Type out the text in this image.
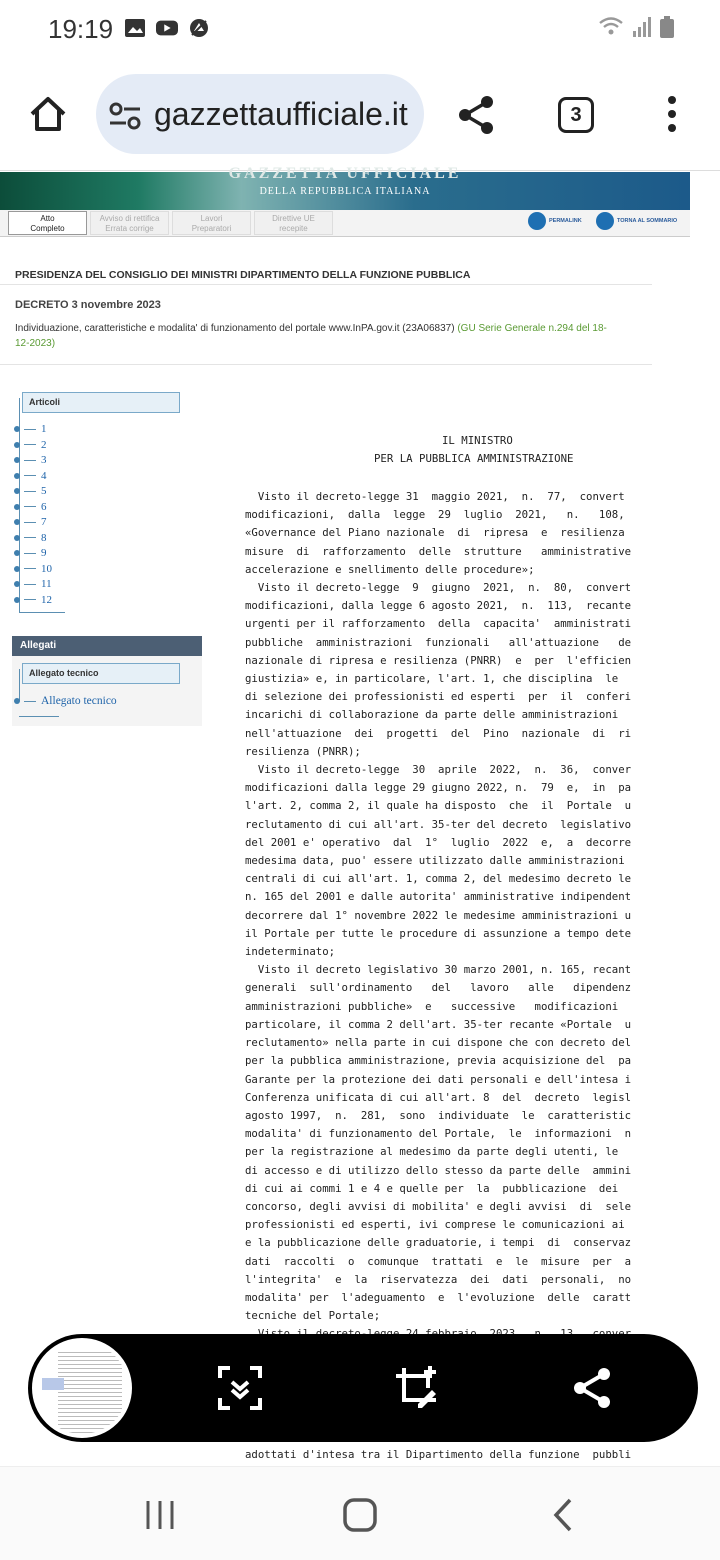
19:19
gazzettaufficiale.it	3
GAZZETTA UFFICIALE
DELLA REPUBBLICA ITALIANA
Atto
Completo
Avviso di rettifica
Errata corrige
Lavori
Preparatori
Direttive UE
recepite
PERMALINK	TORNA AL SOMMARIO
PRESIDENZA DEL CONSIGLIO DEI MINISTRI DIPARTIMENTO DELLA FUNZIONE PUBBLICA
DECRETO 3 novembre 2023
Individuazione, caratteristiche e modalita' di funzionamento del portale www.InPA.gov.it (23A06837) (GU Serie Generale n.294 del 18-12-2023)
Articoli
1
2
3
4
5
6
7
8
9
10
11
12
Allegati
Allegato tecnico
Allegato tecnico
IL MINISTRO
PER LA PUBBLICA AMMINISTRAZIONE
Visto il decreto-legge 31  maggio 2021,  n.  77,  convert
modificazioni,  dalla  legge  29  luglio  2021,   n.   108,
«Governance del Piano nazionale  di  ripresa  e  resilienza
misure  di  rafforzamento  delle  strutture   amministrative
accelerazione e snellimento delle procedure»;
Visto il decreto-legge  9  giugno  2021,  n.  80,  convert
modificazioni, dalla legge 6 agosto 2021,  n.  113,  recante
urgenti per il rafforzamento  della  capacita'  amministrati
pubbliche  amministrazioni  funzionali   all'attuazione   de
nazionale di ripresa e resilienza (PNRR)  e  per  l'efficien
giustizia» e, in particolare, l'art. 1, che disciplina  le
di selezione dei professionisti ed esperti  per  il  conferi
incarichi di collaborazione da parte delle amministrazioni
nell'attuazione  dei  progetti  del  Pino  nazionale  di  ri
resilienza (PNRR);
Visto il decreto-legge  30  aprile  2022,  n.  36,  conver
modificazioni dalla legge 29 giugno 2022, n.  79  e,  in  pa
l'art. 2, comma 2, il quale ha disposto  che  il  Portale  u
reclutamento di cui all'art. 35-ter del decreto  legislativo
del 2001 e' operativo  dal  1°  luglio  2022  e,  a  decorre
medesima data, puo' essere utilizzato dalle amministrazioni
centrali di cui all'art. 1, comma 2, del medesimo decreto le
n. 165 del 2001 e dalle autorita' amministrative indipendent
decorrere dal 1° novembre 2022 le medesime amministrazioni u
il Portale per tutte le procedure di assunzione a tempo dete
indeterminato;
Visto il decreto legislativo 30 marzo 2001, n. 165, recant
generali  sull'ordinamento   del   lavoro   alle   dipendenz
amministrazioni pubbliche»  e   successive   modificazioni
particolare, il comma 2 dell'art. 35-ter recante «Portale  u
reclutamento» nella parte in cui dispone che con decreto del
per la pubblica amministrazione, previa acquisizione del  pa
Garante per la protezione dei dati personali e dell'intesa i
Conferenza unificata di cui all'art. 8  del  decreto  legisl
agosto 1997,  n.  281,  sono  individuate  le  caratteristic
modalita' di funzionamento del Portale,  le  informazioni  n
per la registrazione al medesimo da parte degli utenti, le
di accesso e di utilizzo dello stesso da parte delle  ammini
di cui ai commi 1 e 4 e quelle per  la  pubblicazione  dei
concorso, degli avvisi di mobilita' e degli avvisi  di  sele
professionisti ed esperti, ivi comprese le comunicazioni ai
e la pubblicazione delle graduatorie, i tempi  di  conservaz
dati  raccolti  o  comunque  trattati  e  le  misure  per  a
l'integrita'  e  la  riservatezza  dei  dati  personali,  no
modalita' per  l'adeguamento  e  l'evoluzione  delle  caratt
tecniche del Portale;
adottati d'intesa tra il Dipartimento della funzione  pubbli
